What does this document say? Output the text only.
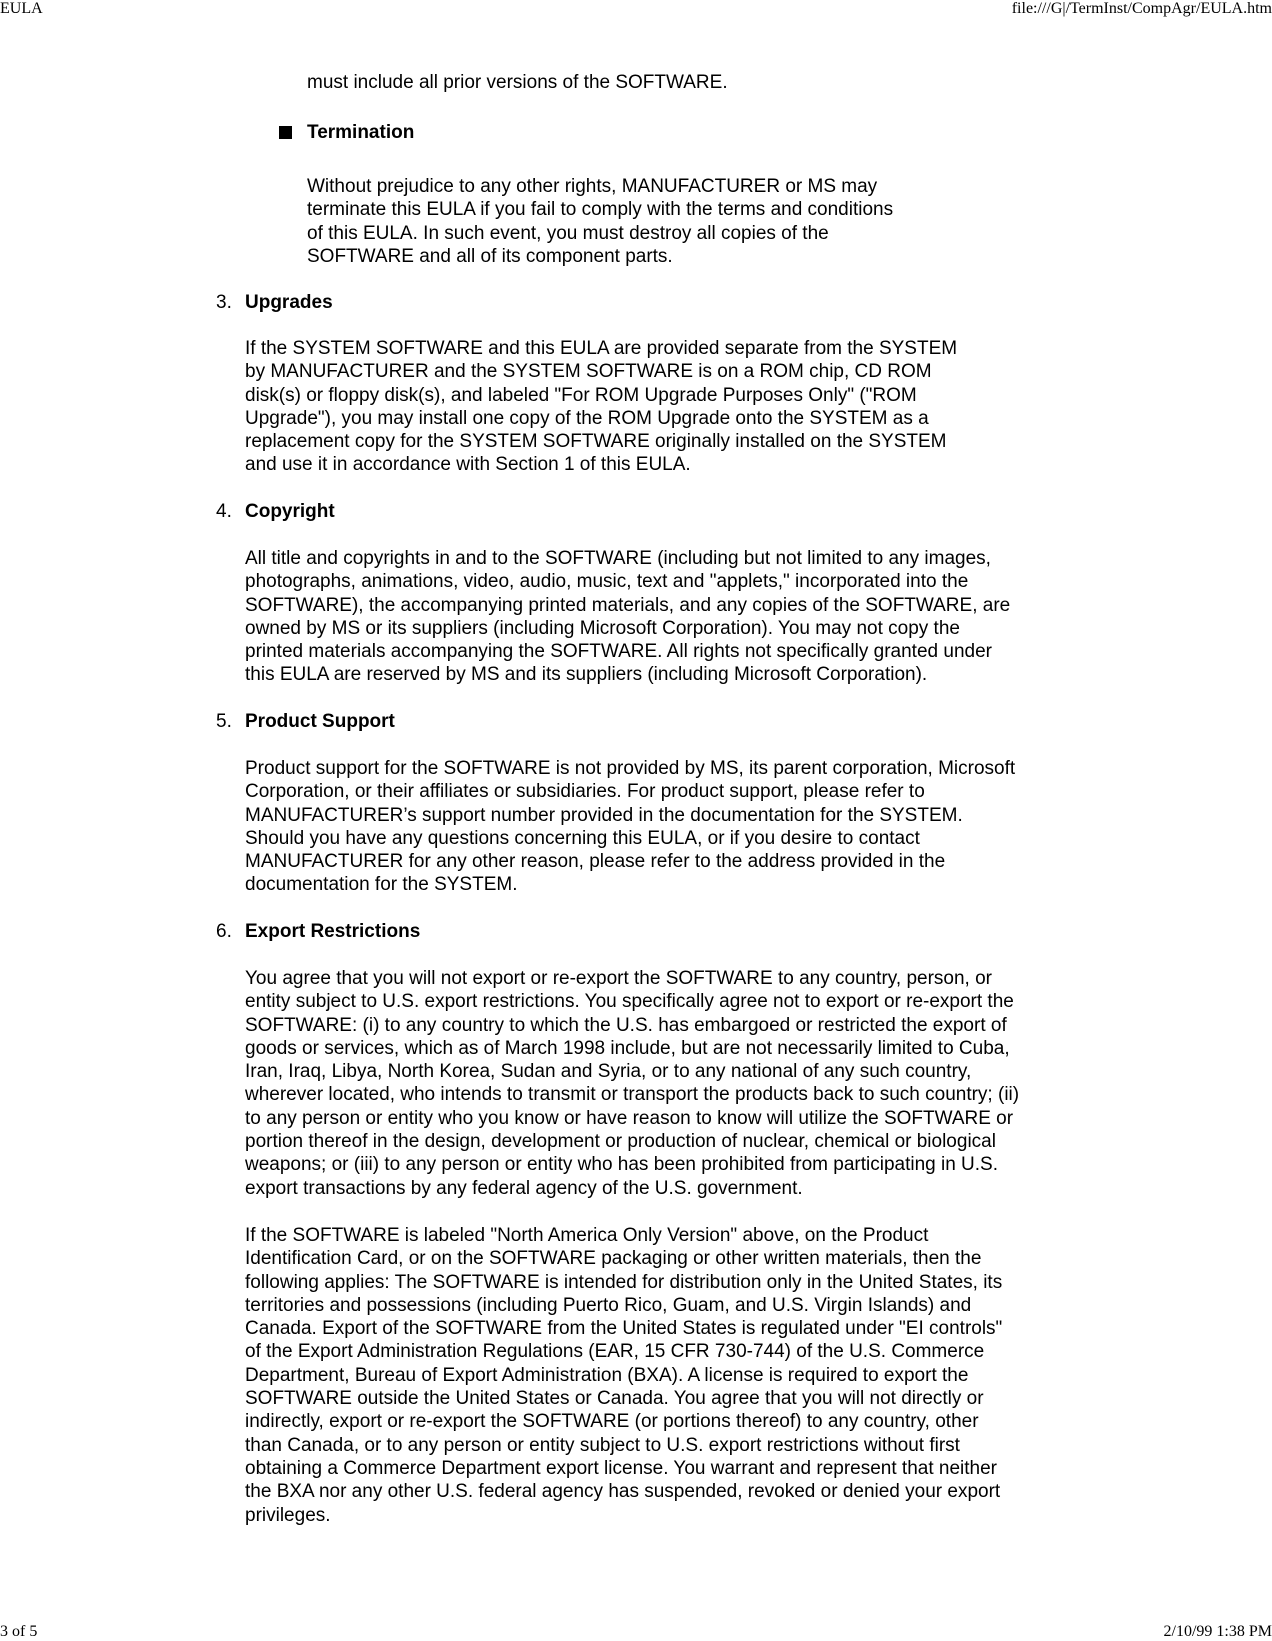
EULA	file:///G|/TermInst/CompAgr/EULA.htm
must include all prior versions of the SOFTWARE.
Termination
Without prejudice to any other rights, MANUFACTURER or MS may
terminate this EULA if you fail to comply with the terms and conditions
of this EULA. In such event, you must destroy all copies of the
SOFTWARE and all of its component parts.
3. Upgrades
If the SYSTEM SOFTWARE and this EULA are provided separate from the SYSTEM
by MANUFACTURER and the SYSTEM SOFTWARE is on a ROM chip, CD ROM
disk(s) or floppy disk(s), and labeled "For ROM Upgrade Purposes Only" ("ROM
Upgrade"), you may install one copy of the ROM Upgrade onto the SYSTEM as a
replacement copy for the SYSTEM SOFTWARE originally installed on the SYSTEM
and use it in accordance with Section 1 of this EULA.
4. Copyright
All title and copyrights in and to the SOFTWARE (including but not limited to any images,
photographs, animations, video, audio, music, text and "applets," incorporated into the
SOFTWARE), the accompanying printed materials, and any copies of the SOFTWARE, are
owned by MS or its suppliers (including Microsoft Corporation). You may not copy the
printed materials accompanying the SOFTWARE. All rights not specifically granted under
this EULA are reserved by MS and its suppliers (including Microsoft Corporation).
5. Product Support
Product support for the SOFTWARE is not provided by MS, its parent corporation, Microsoft
Corporation, or their affiliates or subsidiaries. For product support, please refer to
MANUFACTURER’s support number provided in the documentation for the SYSTEM.
Should you have any questions concerning this EULA, or if you desire to contact
MANUFACTURER for any other reason, please refer to the address provided in the
documentation for the SYSTEM.
6. Export Restrictions
You agree that you will not export or re-export the SOFTWARE to any country, person, or
entity subject to U.S. export restrictions. You specifically agree not to export or re-export the
SOFTWARE: (i) to any country to which the U.S. has embargoed or restricted the export of
goods or services, which as of March 1998 include, but are not necessarily limited to Cuba,
Iran, Iraq, Libya, North Korea, Sudan and Syria, or to any national of any such country,
wherever located, who intends to transmit or transport the products back to such country; (ii)
to any person or entity who you know or have reason to know will utilize the SOFTWARE or
portion thereof in the design, development or production of nuclear, chemical or biological
weapons; or (iii) to any person or entity who has been prohibited from participating in U.S.
export transactions by any federal agency of the U.S. government.
If the SOFTWARE is labeled "North America Only Version" above, on the Product
Identification Card, or on the SOFTWARE packaging or other written materials, then the
following applies: The SOFTWARE is intended for distribution only in the United States, its
territories and possessions (including Puerto Rico, Guam, and U.S. Virgin Islands) and
Canada. Export of the SOFTWARE from the United States is regulated under "EI controls"
of the Export Administration Regulations (EAR, 15 CFR 730-744) of the U.S. Commerce
Department, Bureau of Export Administration (BXA). A license is required to export the
SOFTWARE outside the United States or Canada. You agree that you will not directly or
indirectly, export or re-export the SOFTWARE (or portions thereof) to any country, other
than Canada, or to any person or entity subject to U.S. export restrictions without first
obtaining a Commerce Department export license. You warrant and represent that neither
the BXA nor any other U.S. federal agency has suspended, revoked or denied your export
privileges.
3 of 5	2/10/99 1:38 PM
